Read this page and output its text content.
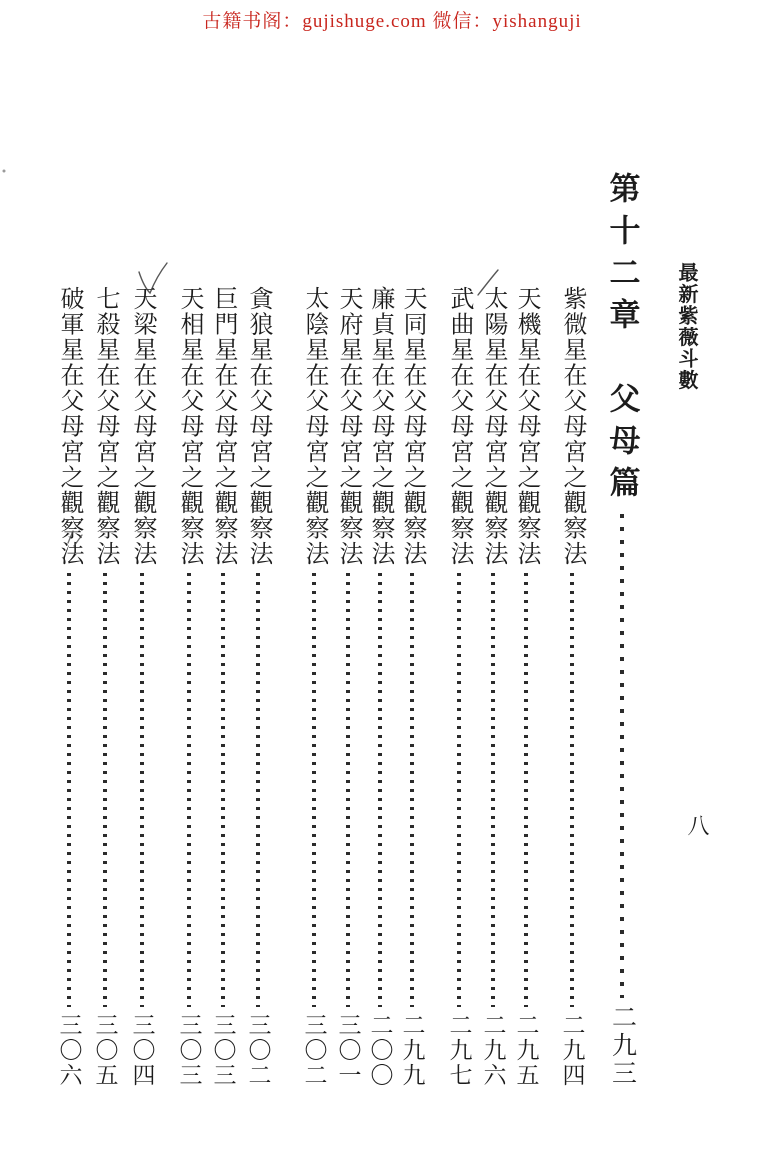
古籍书阁：gujishuge.com 微信：yishanguji
最新紫薇斗數
第十二章　父母篇
二九三
紫微星在父母宮之觀察法
二九四
天機星在父母宮之觀察法
二九五
太陽星在父母宮之觀察法
二九六
武曲星在父母宮之觀察法
二九七
天同星在父母宮之觀察法
二九九
廉貞星在父母宮之觀察法
二〇〇
天府星在父母宮之觀察法
三〇一
太陰星在父母宮之觀察法
三〇二
貪狼星在父母宮之觀察法
三〇二
巨門星在父母宮之觀察法
三〇三
天相星在父母宮之觀察法
三〇三
天梁星在父母宮之觀察法
三〇四
七殺星在父母宮之觀察法
三〇五
破軍星在父母宮之觀察法
三〇六
八
